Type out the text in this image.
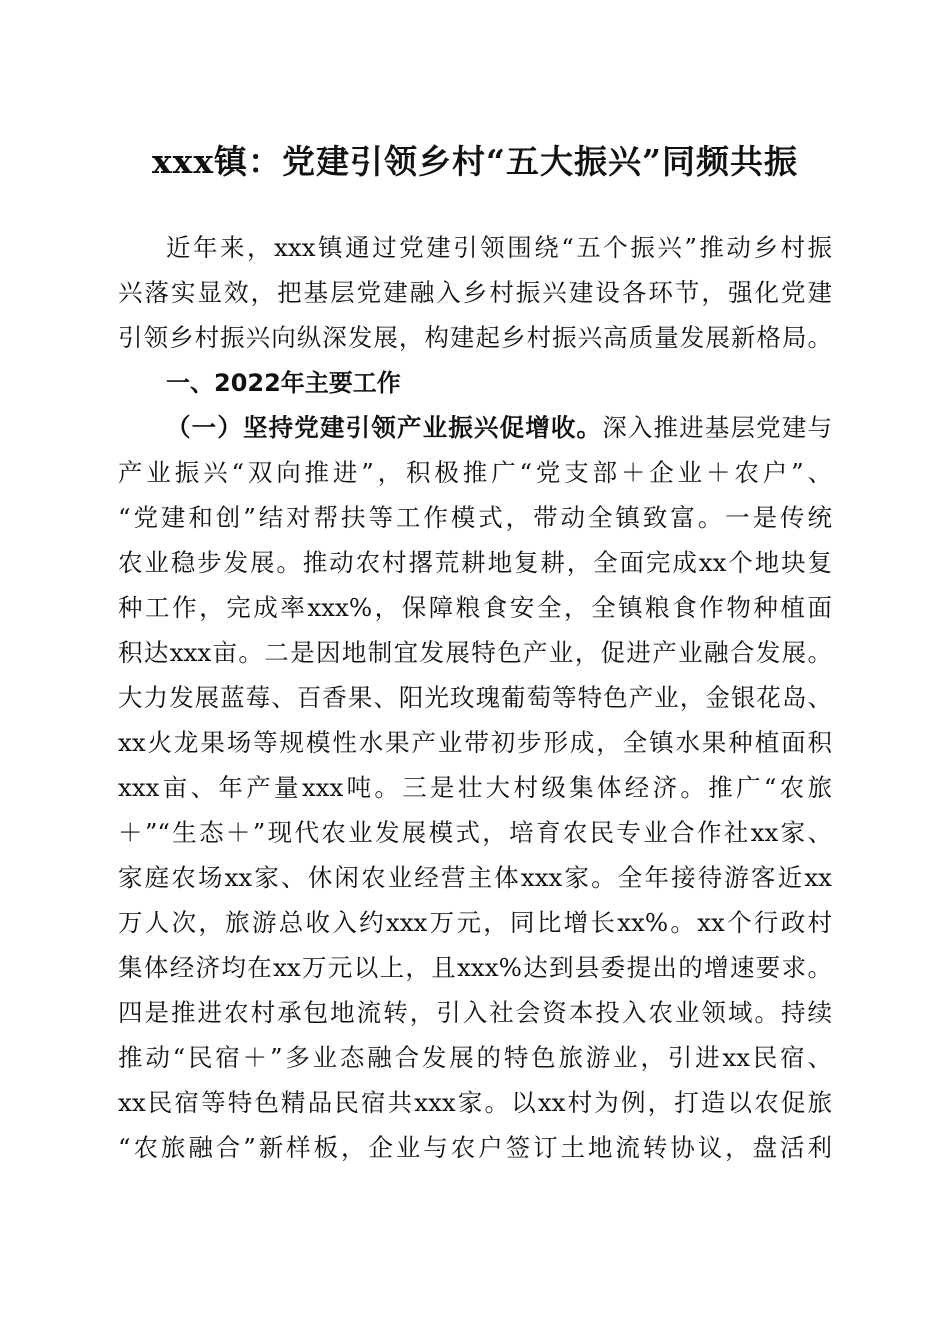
xxx镇：党建引领乡村“五大振兴”同频共振
近年来，xxx镇通过党建引领围绕“五个振兴”推动乡村振
兴落实显效，把基层党建融入乡村振兴建设各环节，强化党建
引领乡村振兴向纵深发展，构建起乡村振兴高质量发展新格局。
一、2022年主要工作
（一）坚持党建引领产业振兴促增收。深入推进基层党建与
产业振兴“双向推进”，积极推广“党支部＋企业＋农户”、
“党建和创”结对帮扶等工作模式，带动全镇致富。一是传统
农业稳步发展。推动农村撂荒耕地复耕，全面完成xx个地块复
种工作，完成率xxx%，保障粮食安全，全镇粮食作物种植面
积达xxx亩。二是因地制宜发展特色产业，促进产业融合发展。
大力发展蓝莓、百香果、阳光玫瑰葡萄等特色产业，金银花岛、
xx火龙果场等规模性水果产业带初步形成，全镇水果种植面积
xxx亩、年产量xxx吨。三是壮大村级集体经济。推广“农旅
＋”“生态＋”现代农业发展模式，培育农民专业合作社xx家、
家庭农场xx家、休闲农业经营主体xxx家。全年接待游客近xx
万人次，旅游总收入约xxx万元，同比增长xx%。xx个行政村
集体经济均在xx万元以上，且xxx%达到县委提出的增速要求。
四是推进农村承包地流转，引入社会资本投入农业领域。持续
推动“民宿＋”多业态融合发展的特色旅游业，引进xx民宿、
xx民宿等特色精品民宿共xxx家。以xx村为例，打造以农促旅
“农旅融合”新样板，企业与农户签订土地流转协议，盘活利
